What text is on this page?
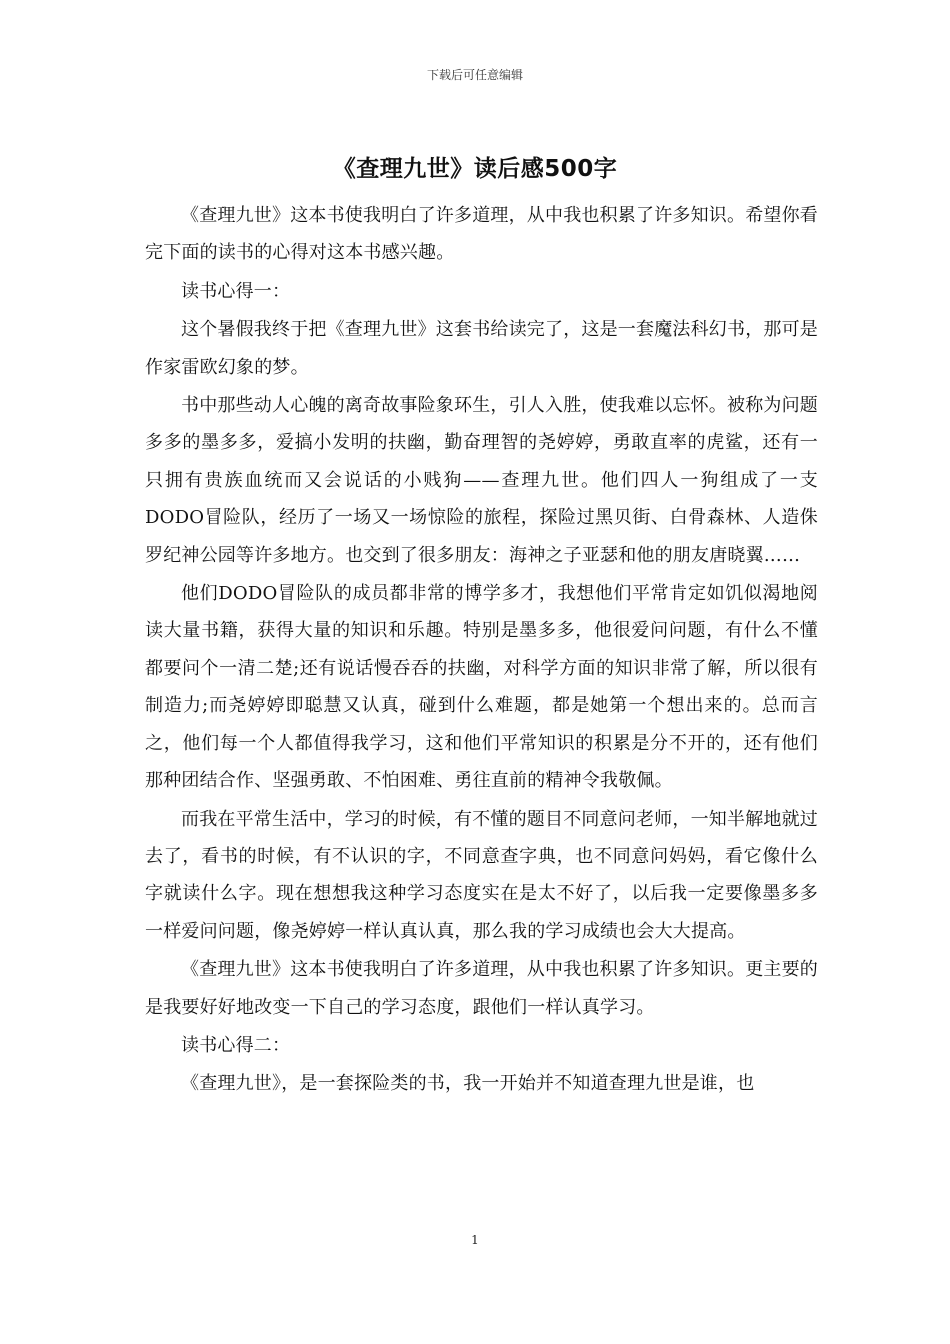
下载后可任意编辑
《查理九世》读后感500字

《查理九世》这本书使我明白了许多道理，从中我也积累了许多知识。希望你看完下面的读书的心得对这本书感兴趣。

读书心得一：

这个暑假我终于把《查理九世》这套书给读完了，这是一套魔法科幻书，那可是作家雷欧幻象的梦。

书中那些动人心魄的离奇故事险象环生，引人入胜，使我难以忘怀。被称为问题多多的墨多多，爱搞小发明的扶幽，勤奋理智的尧婷婷，勇敢直率的虎鲨，还有一只拥有贵族血统而又会说话的小贱狗——查理九世。他们四人一狗组成了一支DODO冒险队，经历了一场又一场惊险的旅程，探险过黑贝街、白骨森林、人造侏罗纪神公园等许多地方。也交到了很多朋友：海神之子亚瑟和他的朋友唐晓翼……

他们DODO冒险队的成员都非常的博学多才，我想他们平常肯定如饥似渴地阅读大量书籍，获得大量的知识和乐趣。特别是墨多多，他很爱问问题，有什么不懂都要问个一清二楚;还有说话慢吞吞的扶幽，对科学方面的知识非常了解，所以很有制造力;而尧婷婷即聪慧又认真，碰到什么难题，都是她第一个想出来的。总而言之，他们每一个人都值得我学习，这和他们平常知识的积累是分不开的，还有他们那种团结合作、坚强勇敢、不怕困难、勇往直前的精神令我敬佩。

而我在平常生活中，学习的时候，有不懂的题目不同意问老师，一知半解地就过去了，看书的时候，有不认识的字，不同意查字典，也不同意问妈妈，看它像什么字就读什么字。现在想想我这种学习态度实在是太不好了，以后我一定要像墨多多一样爱问问题，像尧婷婷一样认真认真，那么我的学习成绩也会大大提高。

《查理九世》这本书使我明白了许多道理，从中我也积累了许多知识。更主要的是我要好好地改变一下自己的学习态度，跟他们一样认真学习。

读书心得二：

《查理九世》，是一套探险类的书，我一开始并不知道查理九世是谁，也

1
